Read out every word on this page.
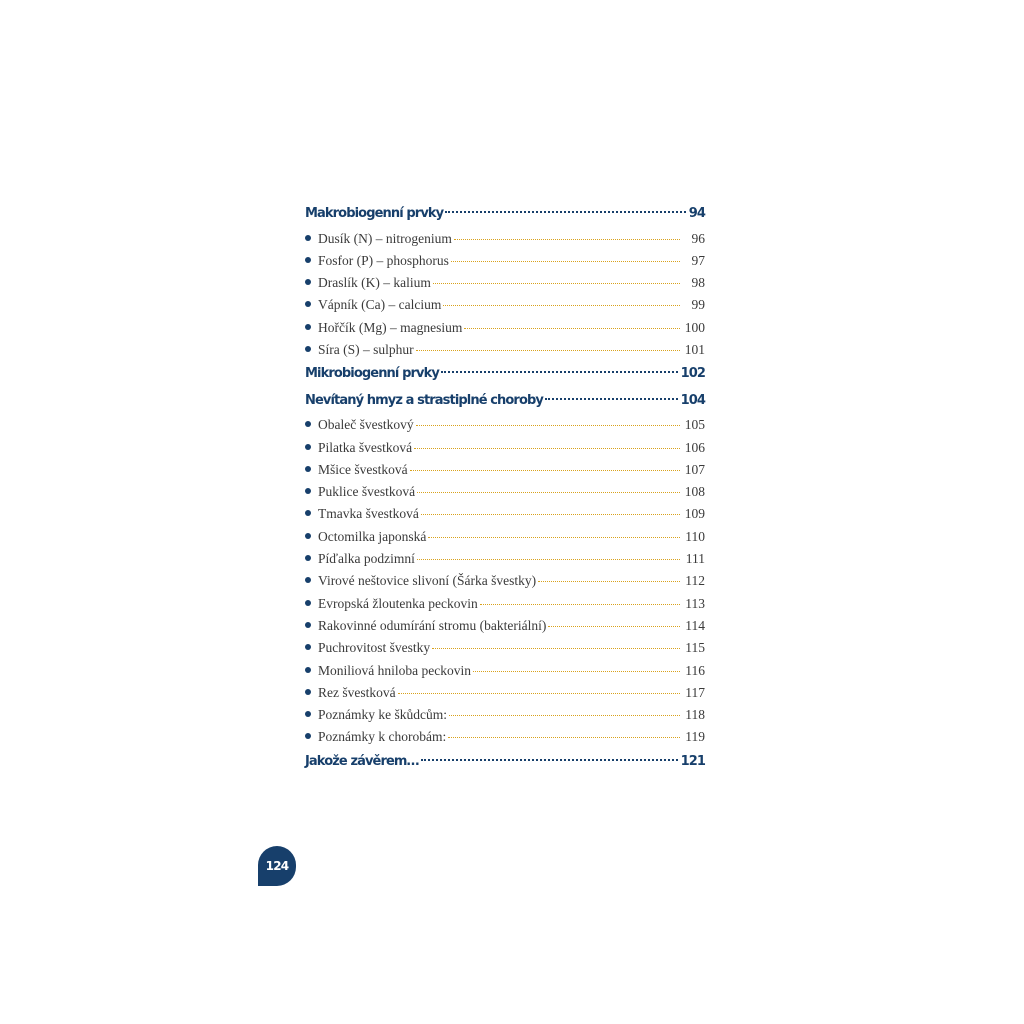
Makrobiogenní prvky	94
Dusík (N) – nitrogenium	96
Fosfor (P) – phosphorus	97
Draslík (K) – kalium	98
Vápník (Ca) – calcium	99
Hořčík (Mg) – magnesium	100
Síra (S) – sulphur	101
Mikrobiogenní prvky	102
Nevítaný hmyz a strastiplné choroby	104
Obaleč švestkový	105
Pilatka švestková	106
Mšice švestková	107
Puklice švestková	108
Tmavka švestková	109
Octomilka japonská	110
Píďalka podzimní	111
Virové neštovice slivoní (Šárka švestky)	112
Evropská žloutenka peckovin	113
Rakovinné odumírání stromu (bakteriální)	114
Puchrovitost švestky	115
Moniliová hniloba peckovin	116
Rez švestková	117
Poznámky ke škůdcům:	118
Poznámky k chorobám:	119
Jakože závěrem…	121
124
